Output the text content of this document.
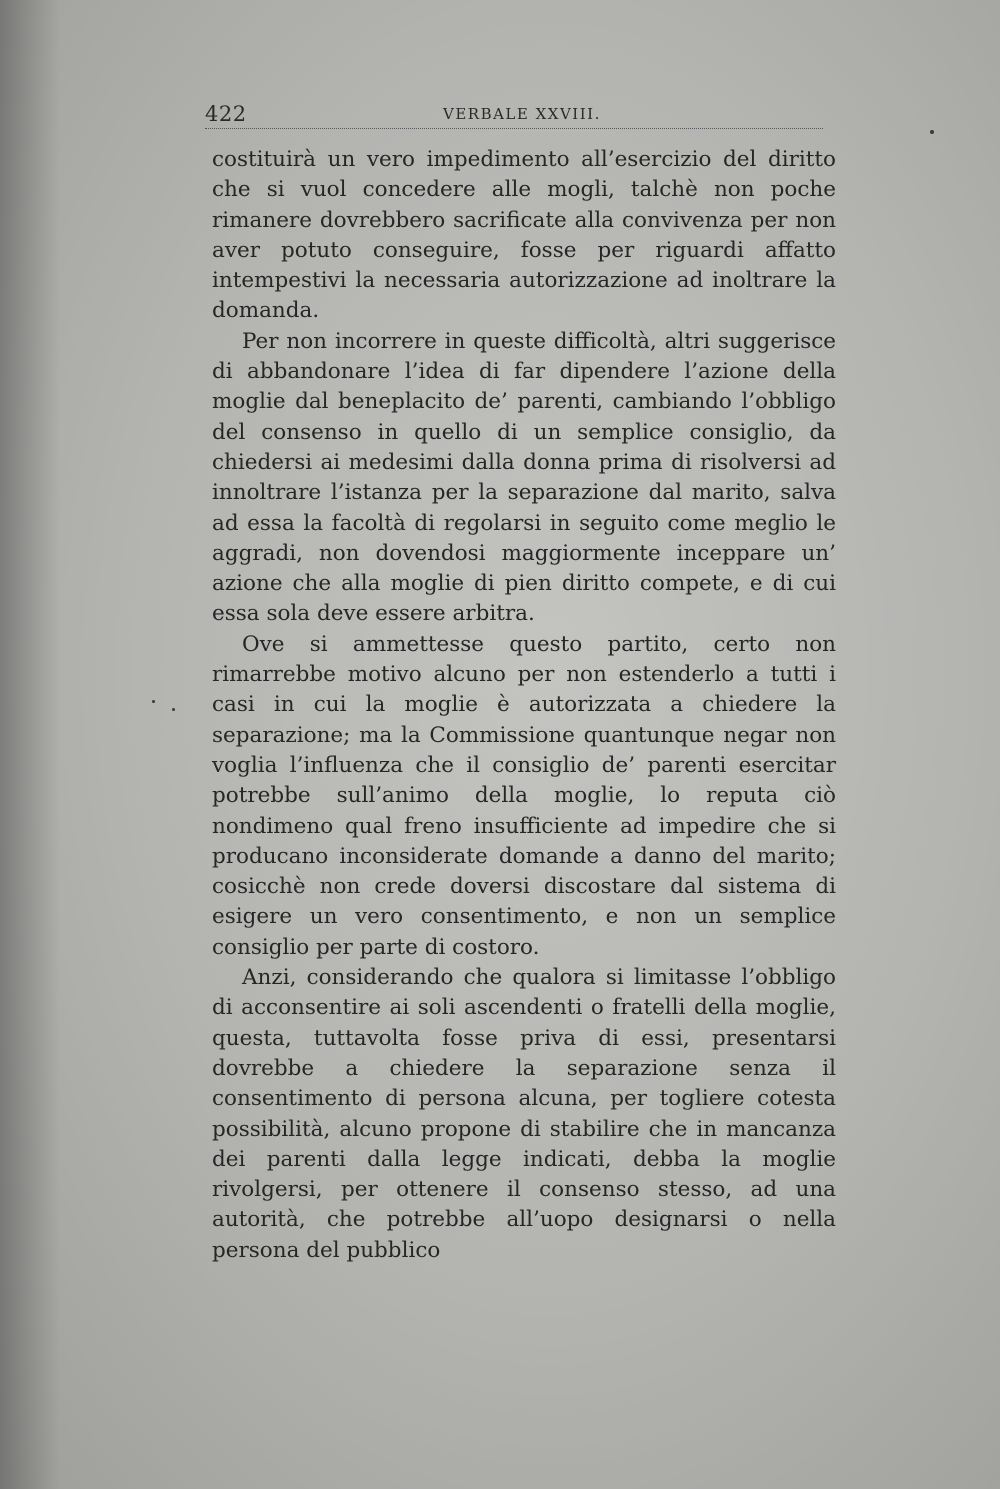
422	VERBALE XXVIII.

costituirà un vero impedimento all’esercizio del diritto che si vuol concedere alle mogli, talchè non poche rimanere dovrebbero sacrificate alla convivenza per non aver potuto conseguire, fosse per riguardi affatto intempestivi la necessaria autorizzazione ad inoltrare la domanda.

Per non incorrere in queste difficoltà, altri suggerisce di abbandonare l’idea di far dipendere l’azione della moglie dal beneplacito de’ parenti, cambiando l’obbligo del consenso in quello di un semplice consiglio, da chiedersi ai medesimi dalla donna prima di risolversi ad innoltrare l’istanza per la separazione dal marito, salva ad essa la facoltà di regolarsi in seguito come meglio le aggradi, non dovendosi maggiormente inceppare un’ azione che alla moglie di pien diritto compete, e di cui essa sola deve essere arbitra.

Ove si ammettesse questo partito, certo non rimarrebbe motivo alcuno per non estenderlo a tutti i casi in cui la moglie è autorizzata a chiedere la separazione; ma la Commissione quantunque negar non voglia l’influenza che il consiglio de’ parenti esercitar potrebbe sull’animo della moglie, lo reputa ciò nondimeno qual freno insufficiente ad impedire che si producano inconsiderate domande a danno del marito; cosicchè non crede doversi discostare dal sistema di esigere un vero consentimento, e non un semplice consiglio per parte di costoro.

Anzi, considerando che qualora si limitasse l’obbligo di acconsentire ai soli ascendenti o fratelli della moglie, questa, tuttavolta fosse priva di essi, presentarsi dovrebbe a chiedere la separazione senza il consentimento di persona alcuna, per togliere cotesta possibilità, alcuno propone di stabilire che in mancanza dei parenti dalla legge indicati, debba la moglie rivolgersi, per ottenere il consenso stesso, ad una autorità, che potrebbe all’uopo designarsi o nella persona del pubblico
